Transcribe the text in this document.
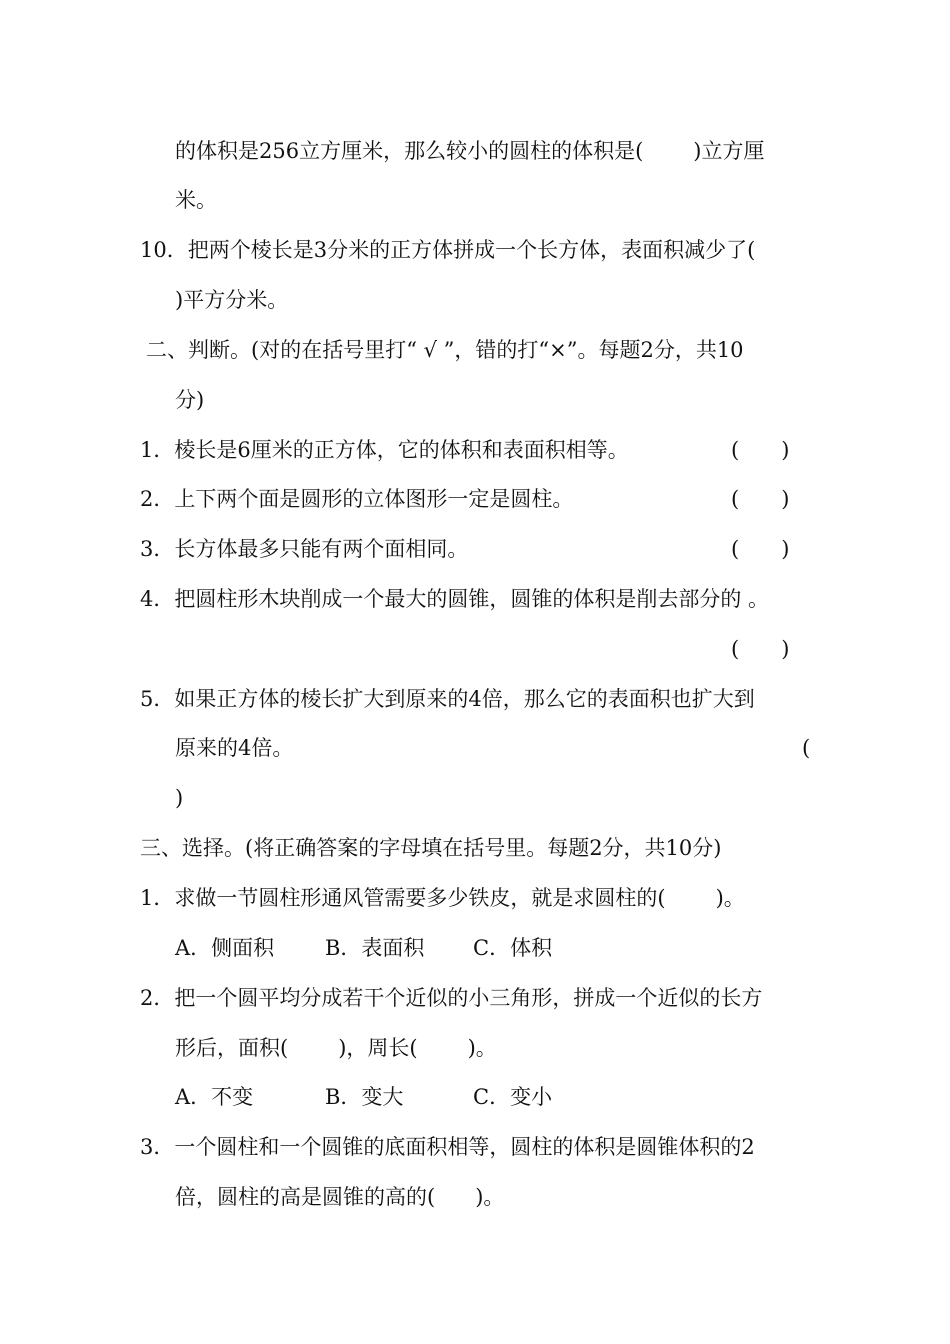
的体积是256立方厘米，那么较小的圆柱的体积是( )立方厘
米。
10．把两个棱长是3分米的正方体拼成一个长方体，表面积减少了(
)平方分米。
二、判断。(对的在括号里打“ √ ”，错的打“×”。每题2分，共10
分)
1．棱长是6厘米的正方体，它的体积和表面积相等。	(　　)
2．上下两个面是圆形的立体图形一定是圆柱。	(　　)
3．长方体最多只能有两个面相同。	(　　)
4．把圆柱形木块削成一个最大的圆锥，圆锥的体积是削去部分的 。
(　　)
5．如果正方体的棱长扩大到原来的4倍，那么它的表面积也扩大到
原来的4倍。	(
)
三、选择。(将正确答案的字母填在括号里。每题2分，共10分)
1．求做一节圆柱形通风管需要多少铁皮，就是求圆柱的( )。
A．侧面积 B．表面积 C．体积
2．把一个圆平均分成若干个近似的小三角形，拼成一个近似的长方
形后，面积( )，周长( )。
A．不变	B．变大	C．变小
3．一个圆柱和一个圆锥的底面积相等，圆柱的体积是圆锥体积的2
倍，圆柱的高是圆锥的高的( )。
